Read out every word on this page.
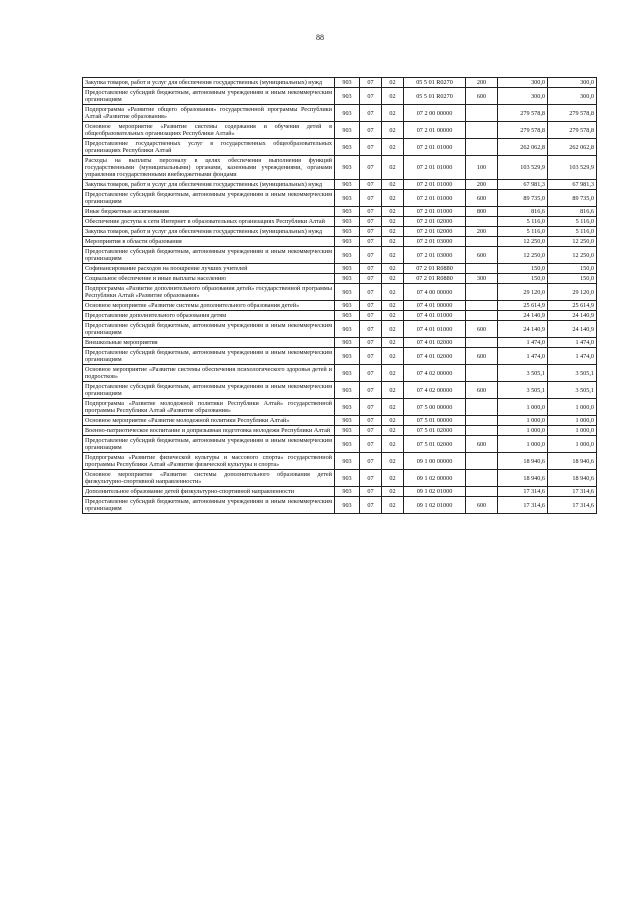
88
Закупка товаров, работ и услуг для обеспечения государственных (муниципальных) нужд	903	07	02	05 5 01 R0270	200	300,0	300,0
Предоставление субсидий бюджетным, автономным учреждениям и иным некоммерческим организациям	903	07	02	05 5 01 R0270	600	300,0	300,0
Подпрограмма «Развитие общего образования» государственной программы Республики Алтай «Развитие образования»	903	07	02	07 2 00 00000		279 578,8	279 578,8
Основное мероприятие «Развитие системы содержания и обучения детей в общеобразовательных организациях Республики Алтай»	903	07	02	07 2 01 00000		279 578,8	279 578,8
Предоставление государственных услуг в государственных общеобразовательных организациях Республики Алтай	903	07	02	07 2 01 01000		262 062,8	262 062,8
Расходы на выплаты персоналу в целях обеспечения выполнения функций государственными (муниципальными) органами, казенными учреждениями, органами управления государственными внебюджетными фондами	903	07	02	07 2 01 01000	100	103 529,9	103 529,9
Закупка товаров, работ и услуг для обеспечения государственных (муниципальных) нужд	903	07	02	07 2 01 01000	200	67 981,3	67 981,3
Предоставление субсидий бюджетным, автономным учреждениям и иным некоммерческим организациям	903	07	02	07 2 01 01000	600	89 735,0	89 735,0
Иные бюджетные ассигнования	903	07	02	07 2 01 01000	800	816,6	816,6
Обеспечение доступа к сети Интернет в образовательных организациях Республики Алтай	903	07	02	07 2 01 02000		5 116,0	5 116,0
Закупка товаров, работ и услуг для обеспечения государственных (муниципальных) нужд	903	07	02	07 2 01 02000	200	5 116,0	5 116,0
Мероприятия в области образования	903	07	02	07 2 01 03000		12 250,0	12 250,0
Предоставление субсидий бюджетным, автономным учреждениям и иным некоммерческим организациям	903	07	02	07 2 01 03000	600	12 250,0	12 250,0
Софинансирование расходов на поощрение лучших учителей	903	07	02	07 2 01 R0880		150,0	150,0
Социальное обеспечение и иные выплаты населению	903	07	02	07 2 01 R0880	300	150,0	150,0
Подпрограмма «Развитие дополнительного образования детей» государственной программы Республики Алтай «Развитие образования»	903	07	02	07 4 00 00000		29 120,0	29 120,0
Основное мероприятие «Развитие системы дополнительного образования детей»	903	07	02	07 4 01 00000		25 614,9	25 614,9
Предоставление дополнительного образования детям	903	07	02	07 4 01 01000		24 140,9	24 140,9
Предоставление субсидий бюджетным, автономным учреждениям и иным некоммерческим организациям	903	07	02	07 4 01 01000	600	24 140,9	24 140,9
Внешкольные мероприятия	903	07	02	07 4 01 02000		1 474,0	1 474,0
Предоставление субсидий бюджетным, автономным учреждениям и иным некоммерческим организациям	903	07	02	07 4 01 02000	600	1 474,0	1 474,0
Основное мероприятие «Развитие системы обеспечения психологического здоровья детей и подростков»	903	07	02	07 4 02 00000		3 505,1	3 505,1
Предоставление субсидий бюджетным, автономным учреждениям и иным некоммерческим организациям	903	07	02	07 4 02 00000	600	3 505,1	3 505,1
Подпрограмма «Развитие молодежной политики Республики Алтай» государственной программы Республики Алтай «Развитие образования»	903	07	02	07 5 00 00000		1 000,0	1 000,0
Основное мероприятие «Развитие молодежной политики Республики Алтай»	903	07	02	07 5 01 00000		1 000,0	1 000,0
Военно-патриотическое воспитание и допризывная подготовка молодежи Республики Алтай	903	07	02	07 5 01 02000		1 000,0	1 000,0
Предоставление субсидий бюджетным, автономным учреждениям и иным некоммерческим организациям	903	07	02	07 5 01 02000	600	1 000,0	1 000,0
Подпрограмма «Развитие физической культуры и массового спорта» государственной программы Республики Алтай «Развитие физической культуры и спорта»	903	07	02	09 1 00 00000		18 940,6	18 940,6
Основное мероприятие «Развитие системы дополнительного образования детей физкультурно-спортивной направленности»	903	07	02	09 1 02 00000		18 940,6	18 940,6
Дополнительное образование детей физкультурно-спортивной направленности	903	07	02	09 1 02 01000		17 314,6	17 314,6
Предоставление субсидий бюджетным, автономным учреждениям и иным некоммерческим организациям	903	07	02	09 1 02 01000	600	17 314,6	17 314,6
